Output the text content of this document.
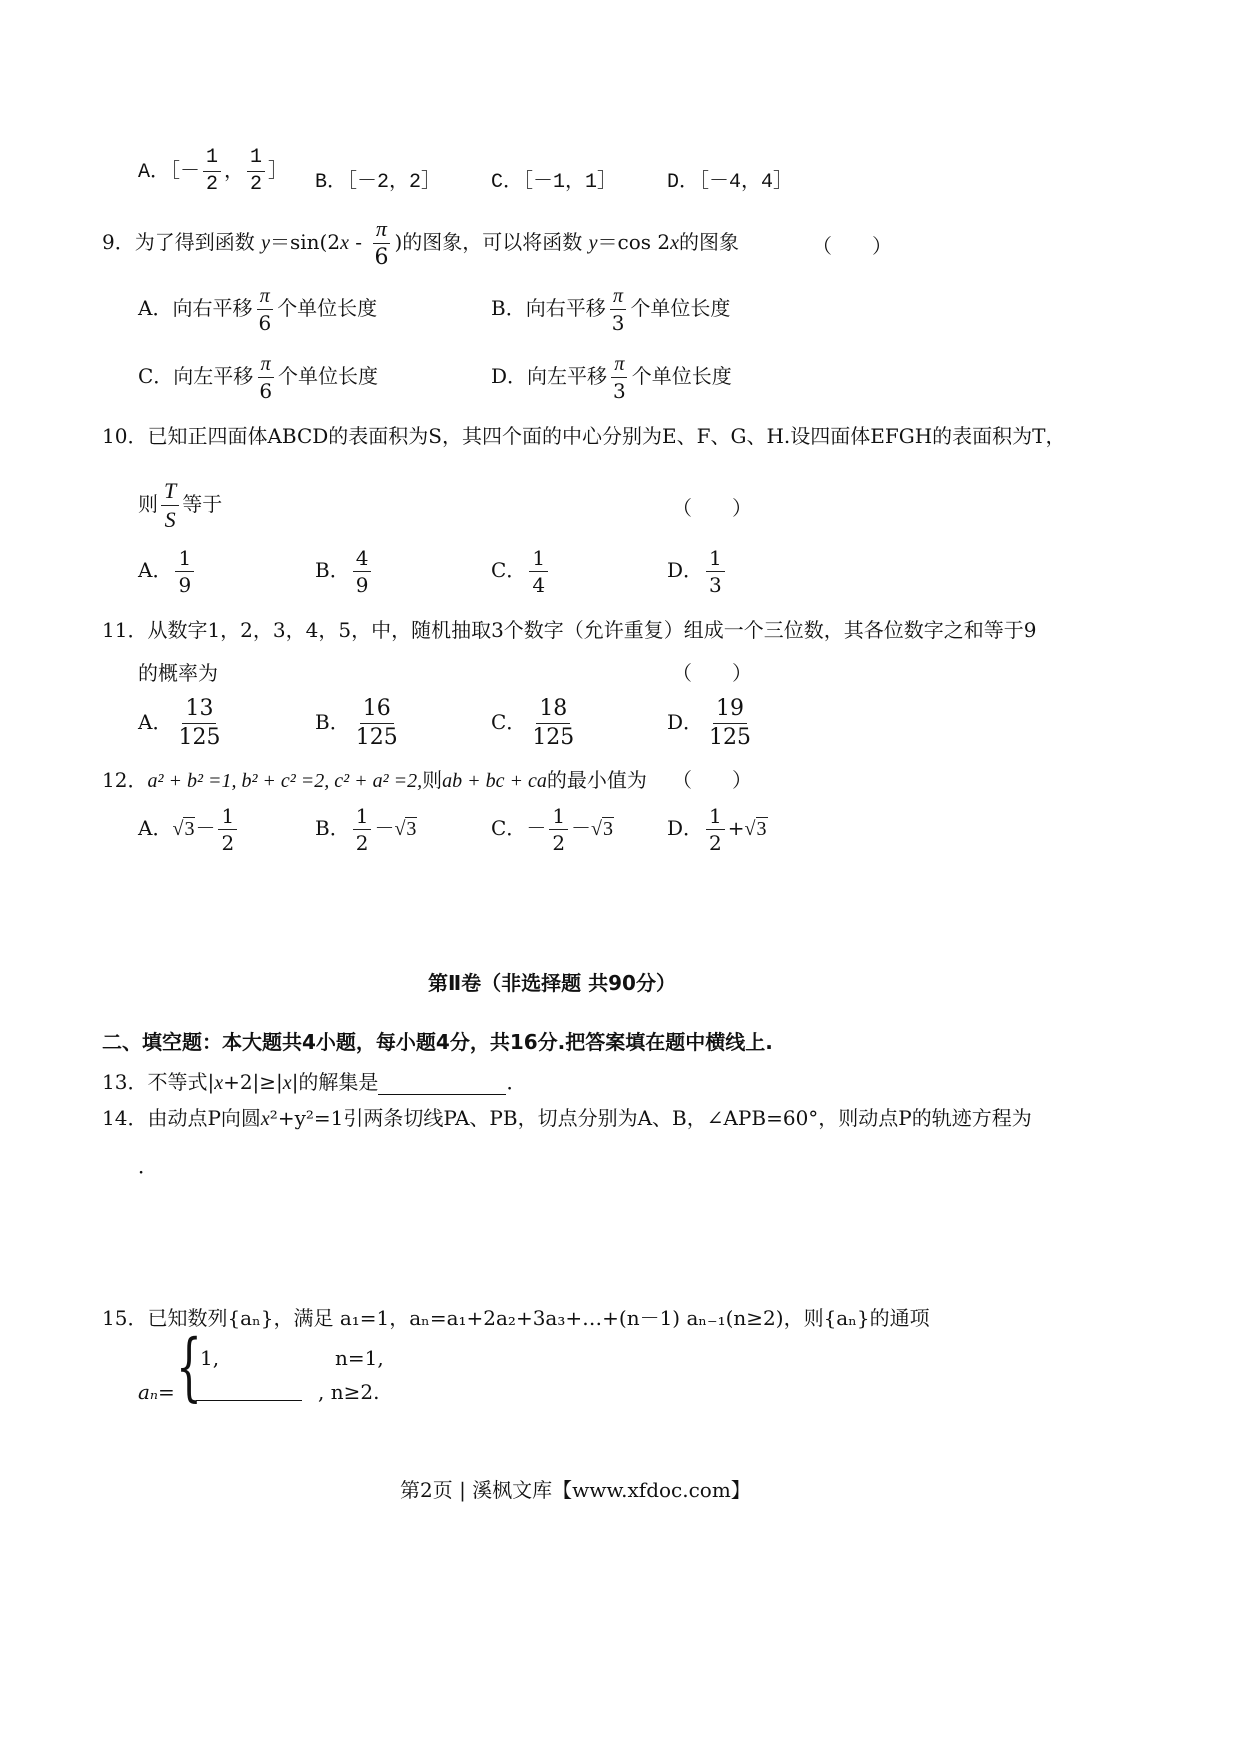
A．［－ $\frac{1}{2}$ ， $\frac{1}{2}$ ］ B．［－2，2］ C．［－1，1］ D．［－4，4］
9．为了得到函数 $y=\sin(2x - \frac{\pi}{6}$ )的图象，可以将函数 y＝cos 2x的图象	（　　）
A．向右平移 $\frac{\pi}{6}$ 个单位长度	B．向右平移 $\frac{\pi}{3}$ 个单位长度
C．向左平移 $\frac{\pi}{6}$ 个单位长度	D．向左平移 $\frac{\pi}{3}$ 个单位长度
10．已知正四面体ABCD的表面积为S，其四个面的中心分别为E、F、G、H.设四面体EFGH的表面积为T，
则 $\frac{T}{S}$ 等于	（　　）
A． $\frac{1}{9}$	B． $\frac{4}{9}$	C． $\frac{1}{4}$	D． $\frac{1}{3}$
11．从数字1，2，3，4，5，中，随机抽取3个数字（允许重复）组成一个三位数，其各位数字之和等于9
的概率为	（　　）
A． $\frac{13}{125}$	B． $\frac{16}{125}$	C． $\frac{18}{125}$	D． $\frac{19}{125}$
12．a² + b² =1, b² + c² =2, c² + a² =2,则ab + bc + ca的最小值为 （　　）
A．$√3- \frac{1}{2}$	B． $\frac{1}{2} -√3$	C．－ $\frac{1}{2} -√3$	D． $\frac{1}{2} +√3$
第Ⅱ卷（非选择题 共90分）
二、填空题：本大题共4小题，每小题4分，共16分.把答案填在题中横线上.
13．不等式|x+2|≥|x|的解集是	．
14．由动点P向圆x²+y²=1引两条切线PA、PB，切点分别为A、B，∠APB=60°，则动点P的轨迹方程为
．
15．已知数列{aₙ}，满足 a₁=1，aₙ=a₁+2a₂+3a₃+…+(n－1) aₙ₋₁(n≥2)，则{aₙ}的通项
aₙ= {
1,	n=1,
, n≥2.
第2页 | 溪枫文库【www.xfdoc.com】
